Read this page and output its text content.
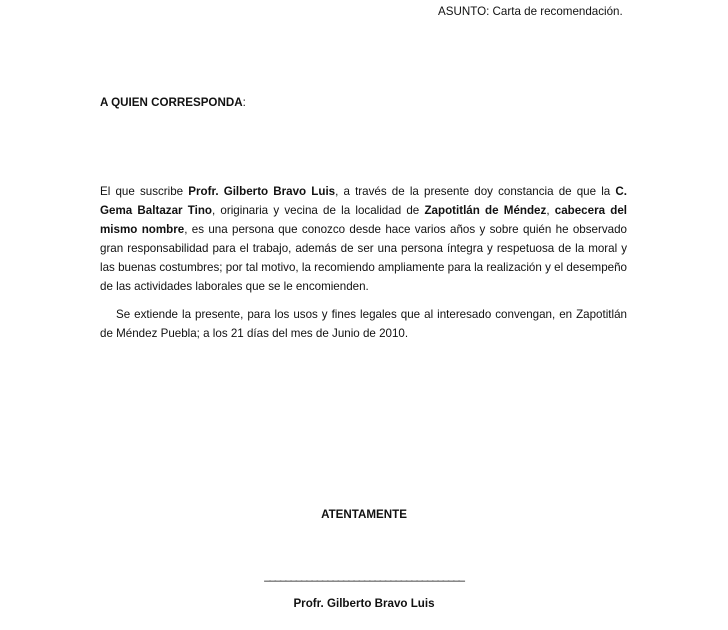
ASUNTO: Carta de recomendación.
A QUIEN CORRESPONDA:

El que suscribe Profr. Gilberto Bravo Luis, a través de la presente doy constancia de que la C. Gema Baltazar Tino, originaria y vecina de la localidad de Zapotitlán de Méndez, cabecera del mismo nombre, es una persona que conozco desde hace varios años y sobre quién he observado gran responsabilidad para el trabajo, además de ser una persona íntegra y respetuosa de la moral y las buenas costumbres; por tal motivo, la recomiendo ampliamente para la realización y el desempeño de las actividades laborales que se le encomienden.

Se extiende la presente, para los usos y fines legales que al interesado convengan, en Zapotitlán de Méndez Puebla; a los 21 días del mes de Junio de 2010.

ATENTAMENTE
______________________________________
Profr. Gilberto Bravo Luis
